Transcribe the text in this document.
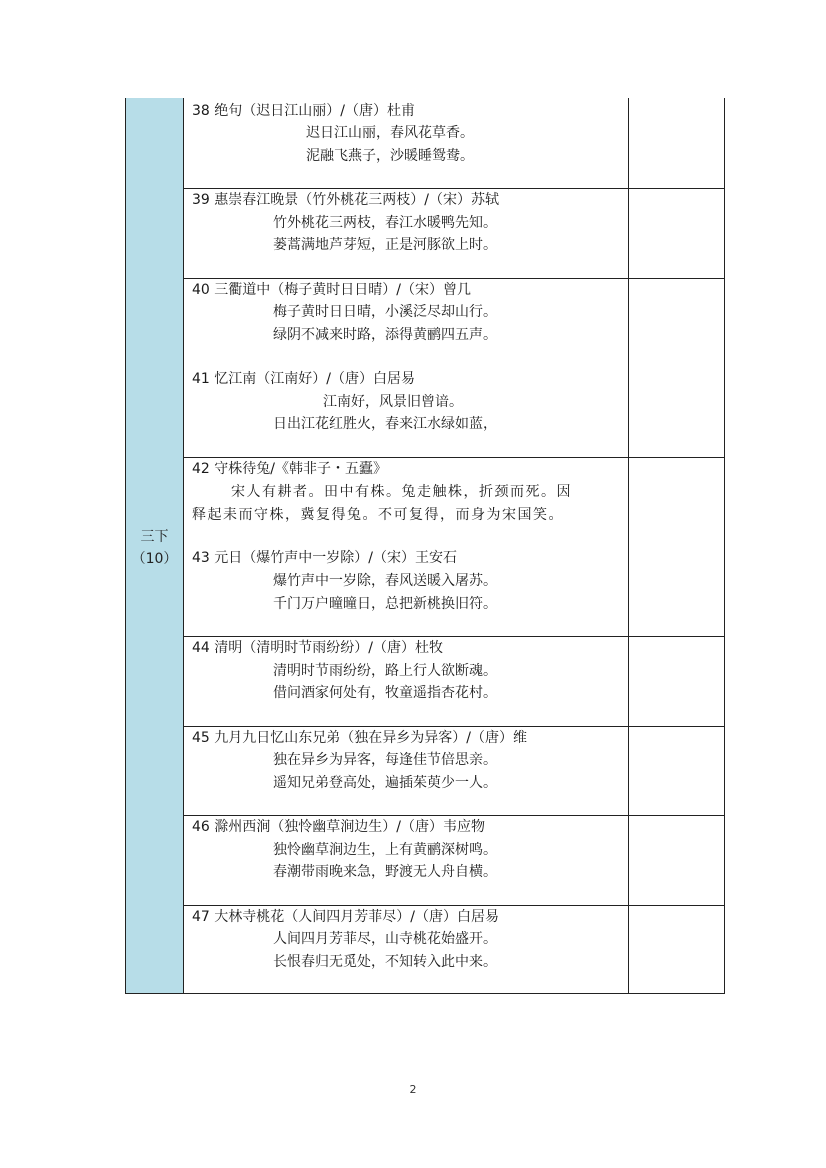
三下
（10）
38 绝句（迟日江山丽）/（唐）杜甫
迟日江山丽，春风花草香。
泥融飞燕子，沙暖睡鸳鸯。
39 惠崇春江晚景（竹外桃花三两枝）/（宋）苏轼
竹外桃花三两枝，春江水暖鸭先知。
蒌蒿满地芦芽短，正是河豚欲上时。
40 三衢道中（梅子黄时日日晴）/（宋）曾几
梅子黄时日日晴，小溪泛尽却山行。
绿阴不减来时路，添得黄鹂四五声。
41 忆江南（江南好）/（唐）白居易
江南好，风景旧曾谙。
日出江花红胜火，春来江水绿如蓝，
42 守株待兔/《韩非子・五蠹》
宋人有耕者。田中有株。兔走触株，折颈而死。因
释起耒而守株，冀复得兔。不可复得，而身为宋国笑。
43 元日（爆竹声中一岁除）/（宋）王安石
爆竹声中一岁除，春风送暖入屠苏。
千门万户曈曈日，总把新桃换旧符。
44 清明（清明时节雨纷纷）/（唐）杜牧
清明时节雨纷纷，路上行人欲断魂。
借问酒家何处有，牧童遥指杏花村。
45 九月九日忆山东兄弟（独在异乡为异客）/（唐）维
独在异乡为异客，每逢佳节倍思亲。
遥知兄弟登高处，遍插茱萸少一人。
46 滁州西涧（独怜幽草涧边生）/（唐）韦应物
独怜幽草涧边生，上有黄鹂深树鸣。
春潮带雨晚来急，野渡无人舟自横。
47 大林寺桃花（人间四月芳菲尽）/（唐）白居易
人间四月芳菲尽，山寺桃花始盛开。
长恨春归无觅处，不知转入此中来。
2
